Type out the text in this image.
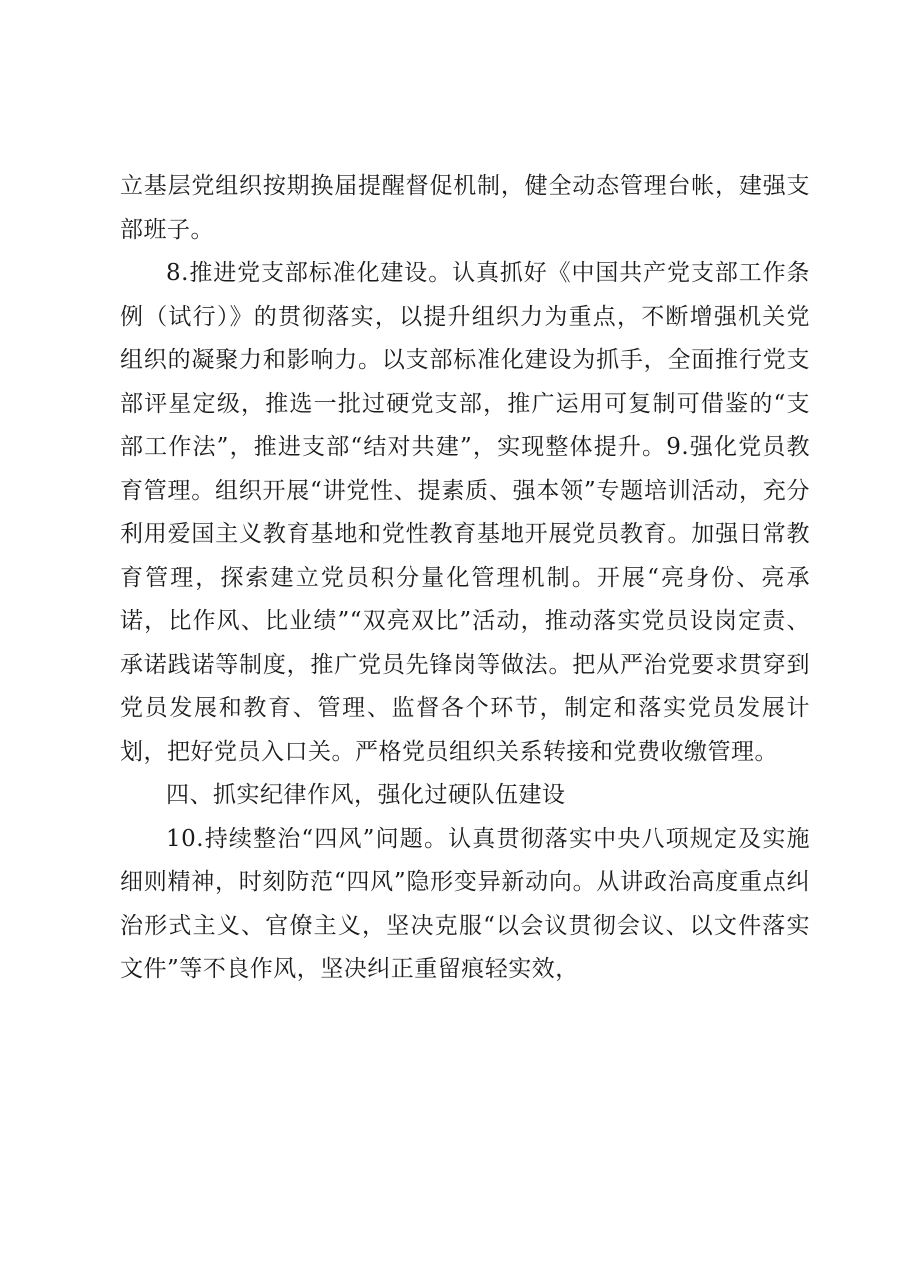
立基层党组织按期换届提醒督促机制，健全动态管理台帐，建强支部班子。

8.推进党支部标准化建设。认真抓好《中国共产党支部工作条例（试行）》的贯彻落实，以提升组织力为重点，不断增强机关党组织的凝聚力和影响力。以支部标准化建设为抓手，全面推行党支部评星定级，推选一批过硬党支部，推广运用可复制可借鉴的“支部工作法”，推进支部“结对共建”，实现整体提升。9.强化党员教育管理。组织开展“讲党性、提素质、强本领”专题培训活动，充分利用爱国主义教育基地和党性教育基地开展党员教育。加强日常教育管理，探索建立党员积分量化管理机制。开展“亮身份、亮承诺，比作风、比业绩”“双亮双比”活动，推动落实党员设岗定责、承诺践诺等制度，推广党员先锋岗等做法。把从严治党要求贯穿到党员发展和教育、管理、监督各个环节，制定和落实党员发展计划，把好党员入口关。严格党员组织关系转接和党费收缴管理。

四、抓实纪律作风，强化过硬队伍建设

10.持续整治“四风”问题。认真贯彻落实中央八项规定及实施细则精神，时刻防范“四风”隐形变异新动向。从讲政治高度重点纠治形式主义、官僚主义，坚决克服“以会议贯彻会议、以文件落实文件”等不良作风，坚决纠正重留痕轻实效，
